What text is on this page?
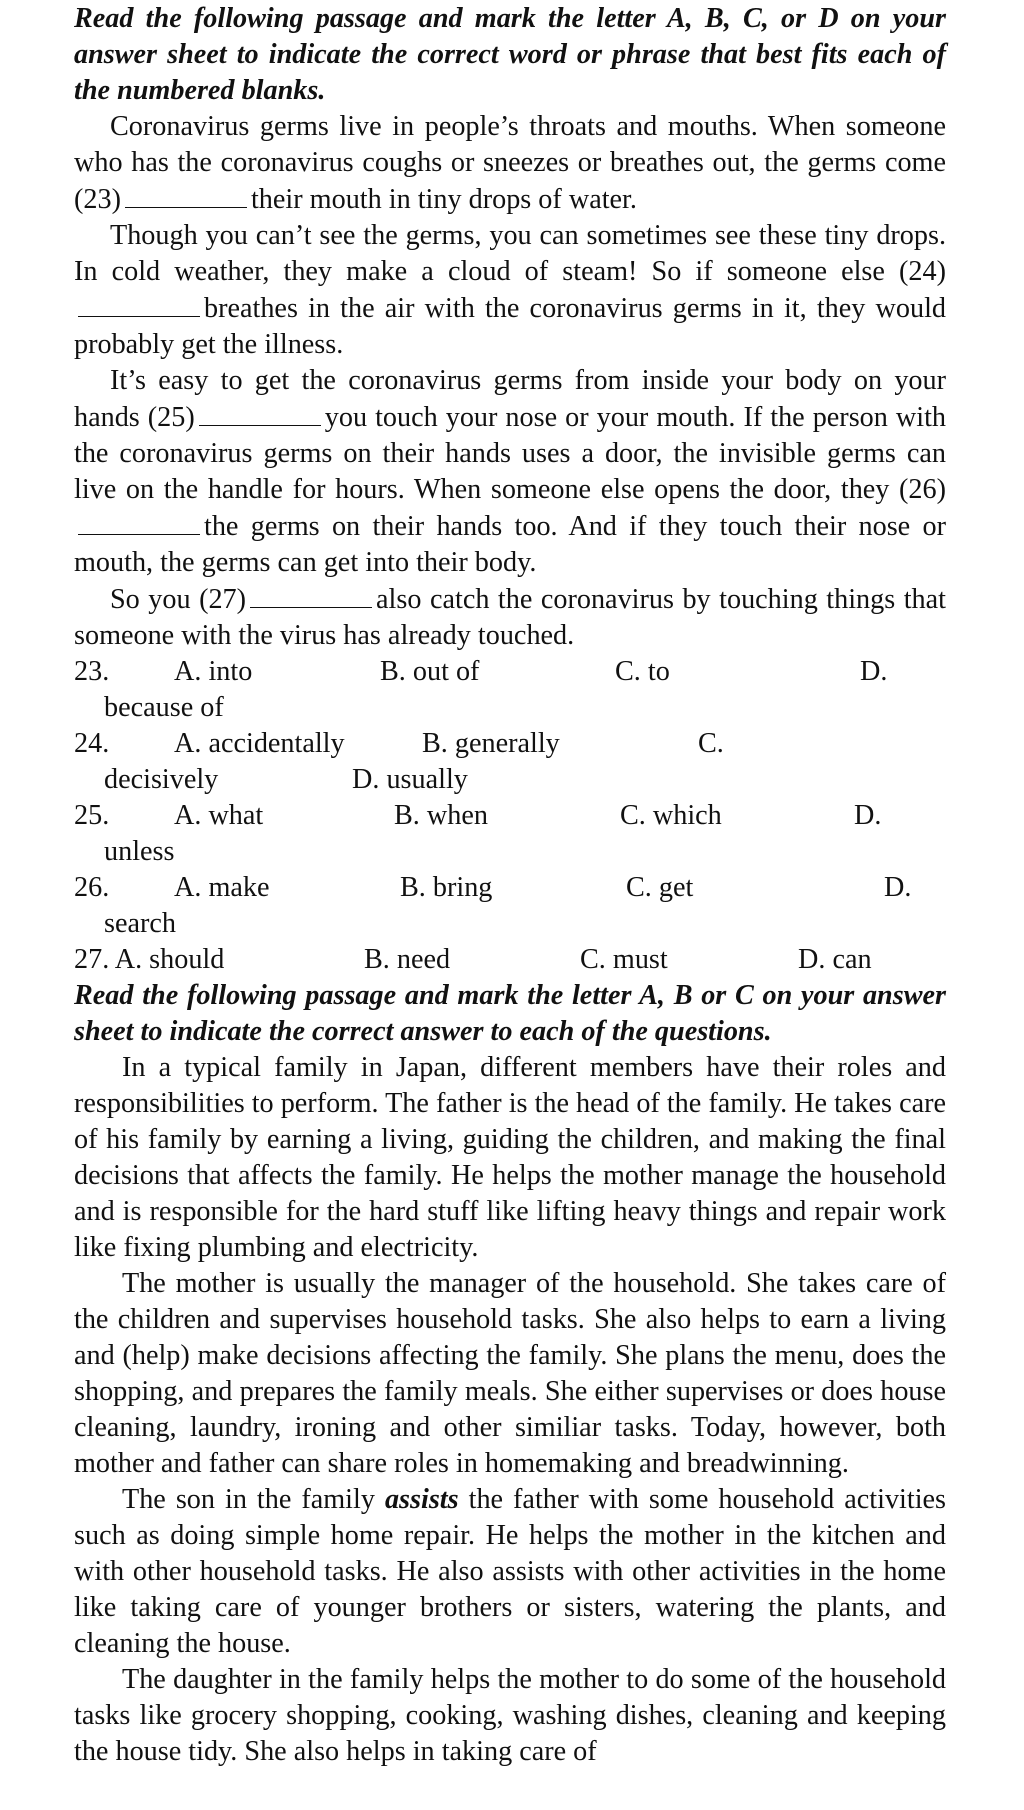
Read the following passage and mark the letter A, B, C, or D on your answer sheet to indicate the correct word or phrase that best fits each of the numbered blanks.
Coronavirus germs live in people’s throats and mouths. When someone who has the coronavirus coughs or sneezes or breathes out, the germs come (23)	their mouth in tiny drops of water.
Though you can’t see the germs, you can sometimes see these tiny drops. In cold weather, they make a cloud of steam! So if someone else (24)breathes in the air with the coronavirus germs in it, they would probably get the illness.
It’s easy to get the coronavirus germs from inside your body on your hands (25)	you touch your nose or your mouth. If the person with the coronavirus germs on their hands uses a door, the invisible germs can live on the handle for hours. When someone else opens the door, they (26)the germs on their hands too. And if they touch their nose or mouth, the germs can get into their body.
So you (27)	also catch the coronavirus by touching things that someone with the virus has already touched.
23. A. into	B. out of	C. to	D.
because of
24. A. accidentally	B. generally	C.
decisively	D. usually
25. A. what	B. when	C. which	D.
unless
26. A. make	B. bring	C. get	D.
search
27. A. should	B. need	C. must	D. can
Read the following passage and mark the letter A, B or C on your answer sheet to indicate the correct answer to each of the questions.
In a typical family in Japan, different members have their roles and responsibilities to perform. The father is the head of the family. He takes care of his family by earning a living, guiding the children, and making the final decisions that affects the family. He helps the mother manage the household and is responsible for the hard stuff like lifting heavy things and repair work like fixing plumbing and electricity.
The mother is usually the manager of the household. She takes care of the children and supervises household tasks. She also helps to earn a living and (help) make decisions affecting the family. She plans the menu, does the shopping, and prepares the family meals. She either supervises or does house cleaning, laundry, ironing and other similiar tasks. Today, however, both mother and father can share roles in homemaking and breadwinning.
The son in the family assists the father with some household activities such as doing simple home repair. He helps the mother in the kitchen and with other household tasks. He also assists with other activities in the home like taking care of younger brothers or sisters, watering the plants, and cleaning the house.
The daughter in the family helps the mother to do some of the household tasks like grocery shopping, cooking, washing dishes, cleaning and keeping the house tidy. She also helps in taking care of
